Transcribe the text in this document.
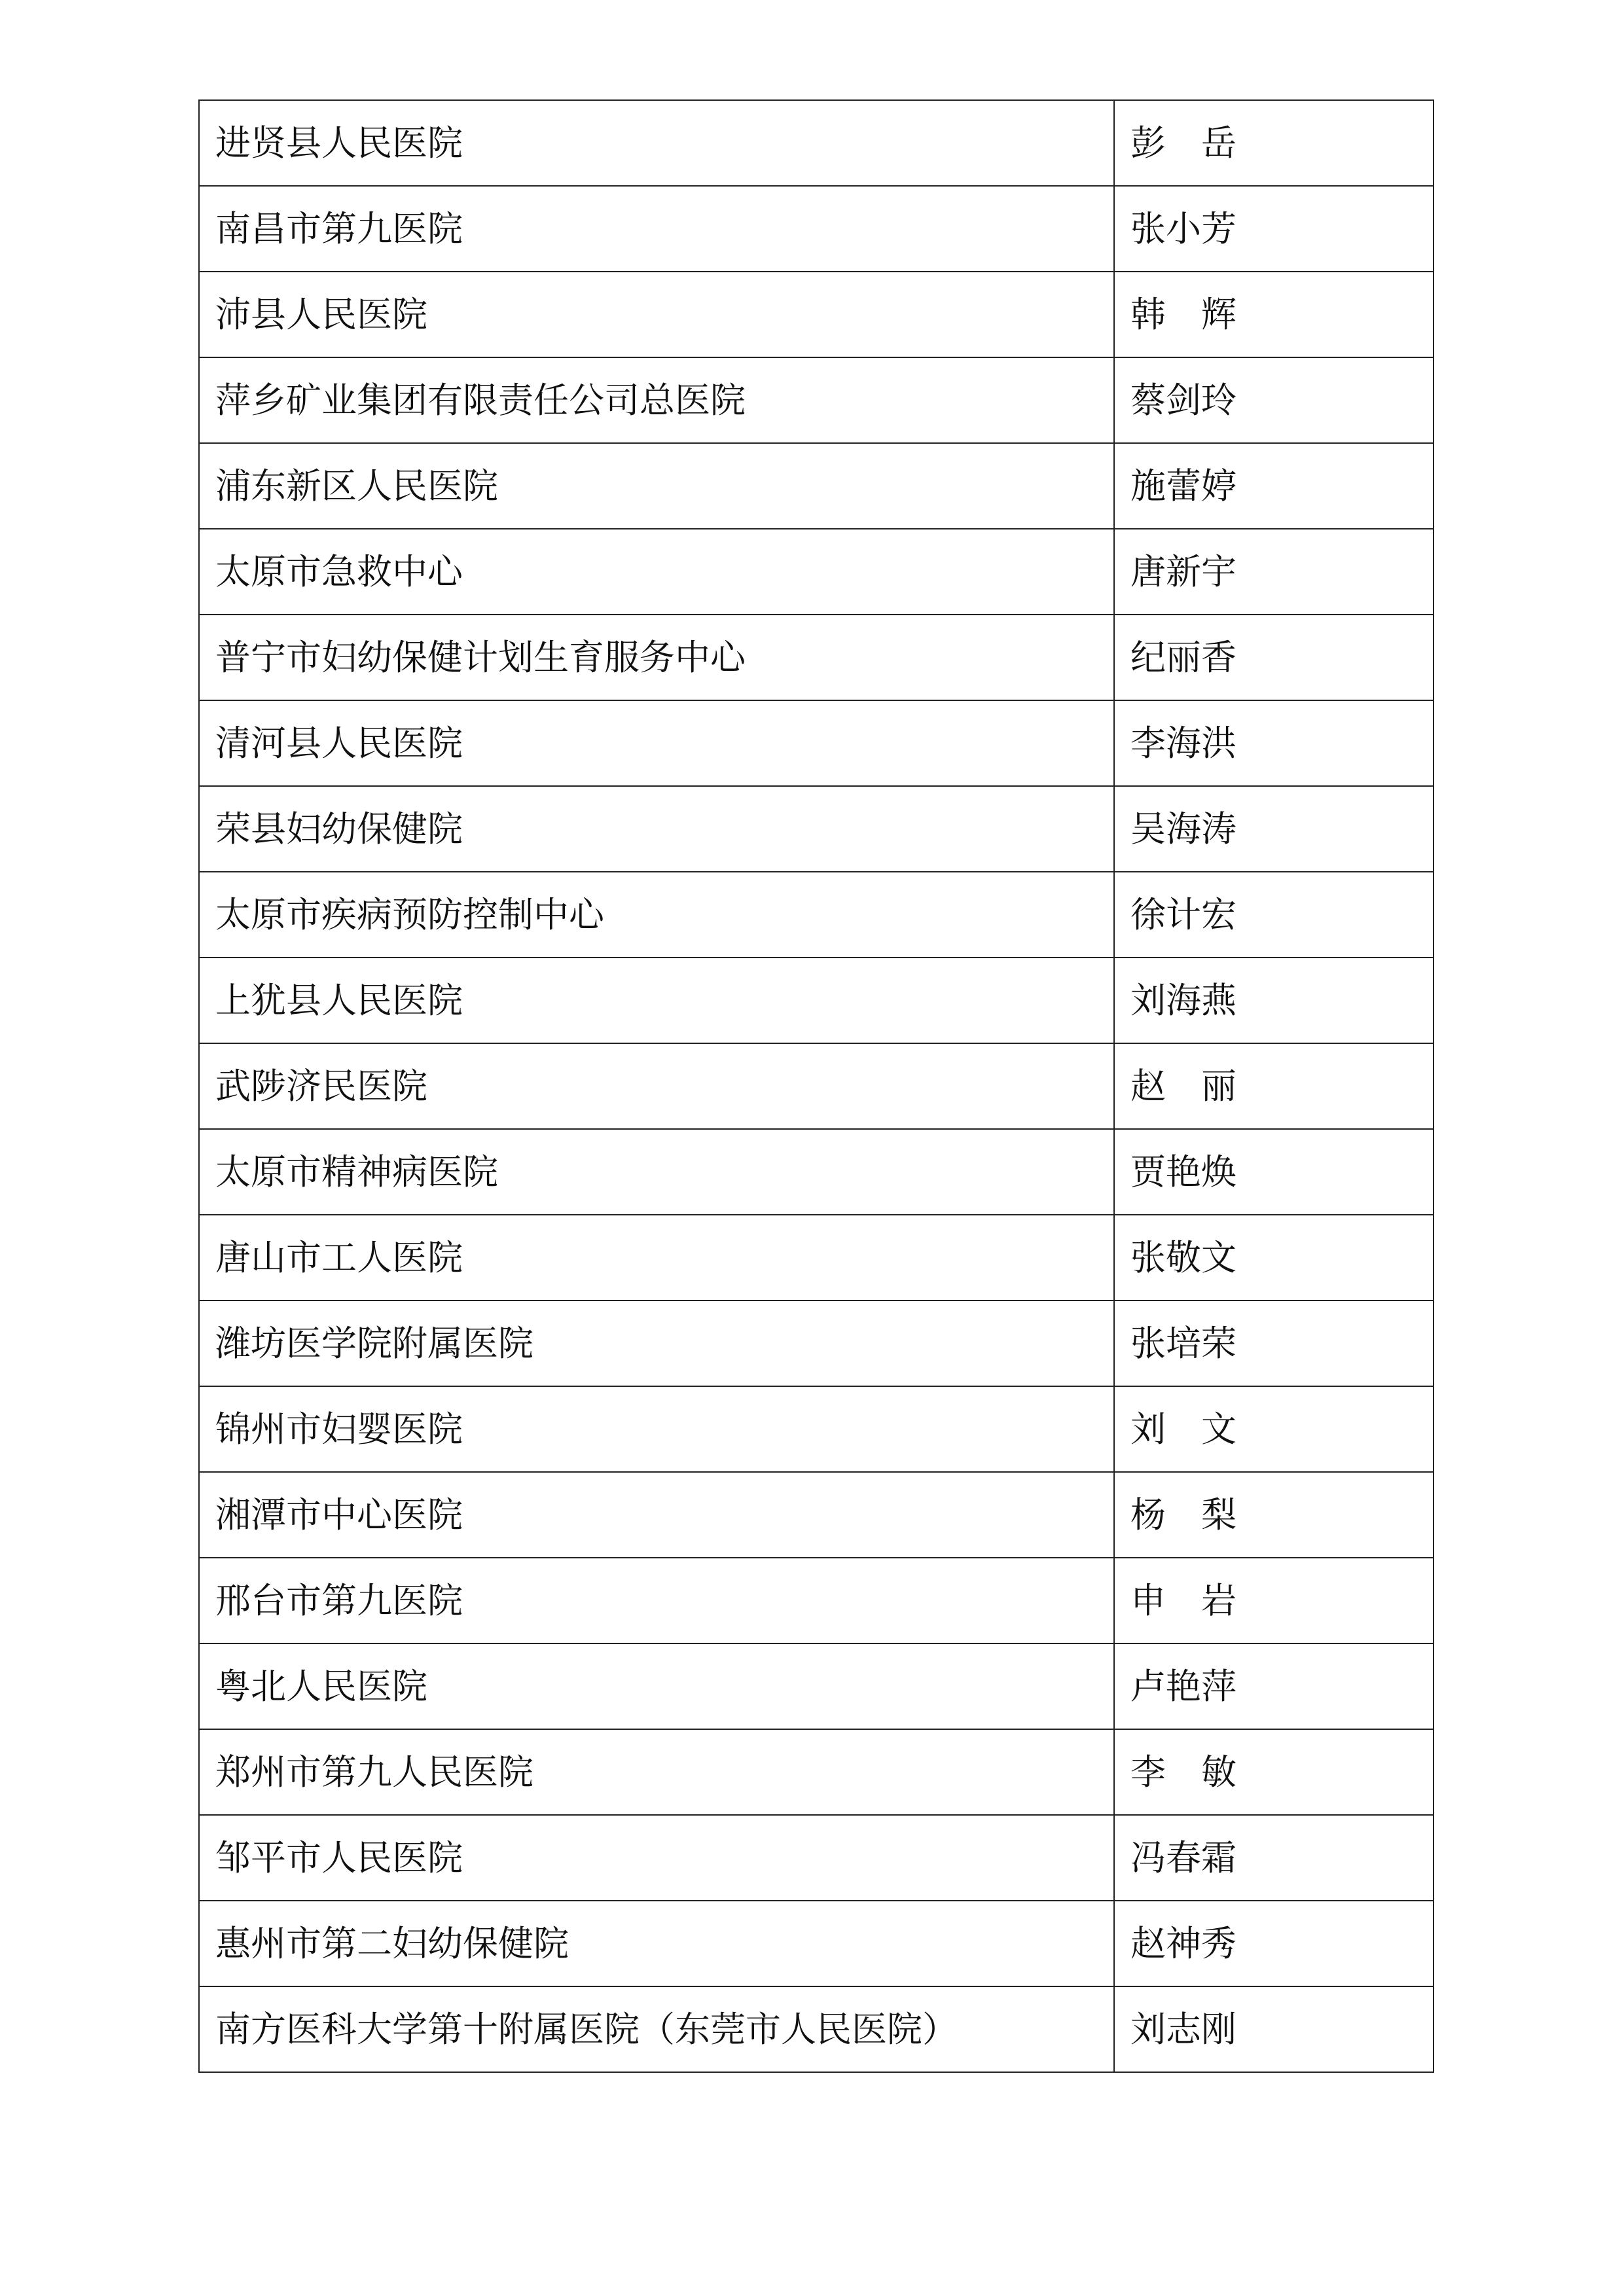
进贤县人民医院	彭　岳
南昌市第九医院	张小芳
沛县人民医院	韩　辉
萍乡矿业集团有限责任公司总医院	蔡剑玲
浦东新区人民医院	施蕾婷
太原市急救中心	唐新宇
普宁市妇幼保健计划生育服务中心	纪丽香
清河县人民医院	李海洪
荣县妇幼保健院	吴海涛
太原市疾病预防控制中心	徐计宏
上犹县人民医院	刘海燕
武陟济民医院	赵　丽
太原市精神病医院	贾艳焕
唐山市工人医院	张敬文
潍坊医学院附属医院	张培荣
锦州市妇婴医院	刘　文
湘潭市中心医院	杨　梨
邢台市第九医院	申　岩
粤北人民医院	卢艳萍
郑州市第九人民医院	李　敏
邹平市人民医院	冯春霜
惠州市第二妇幼保健院	赵神秀
南方医科大学第十附属医院（东莞市人民医院）	刘志刚
